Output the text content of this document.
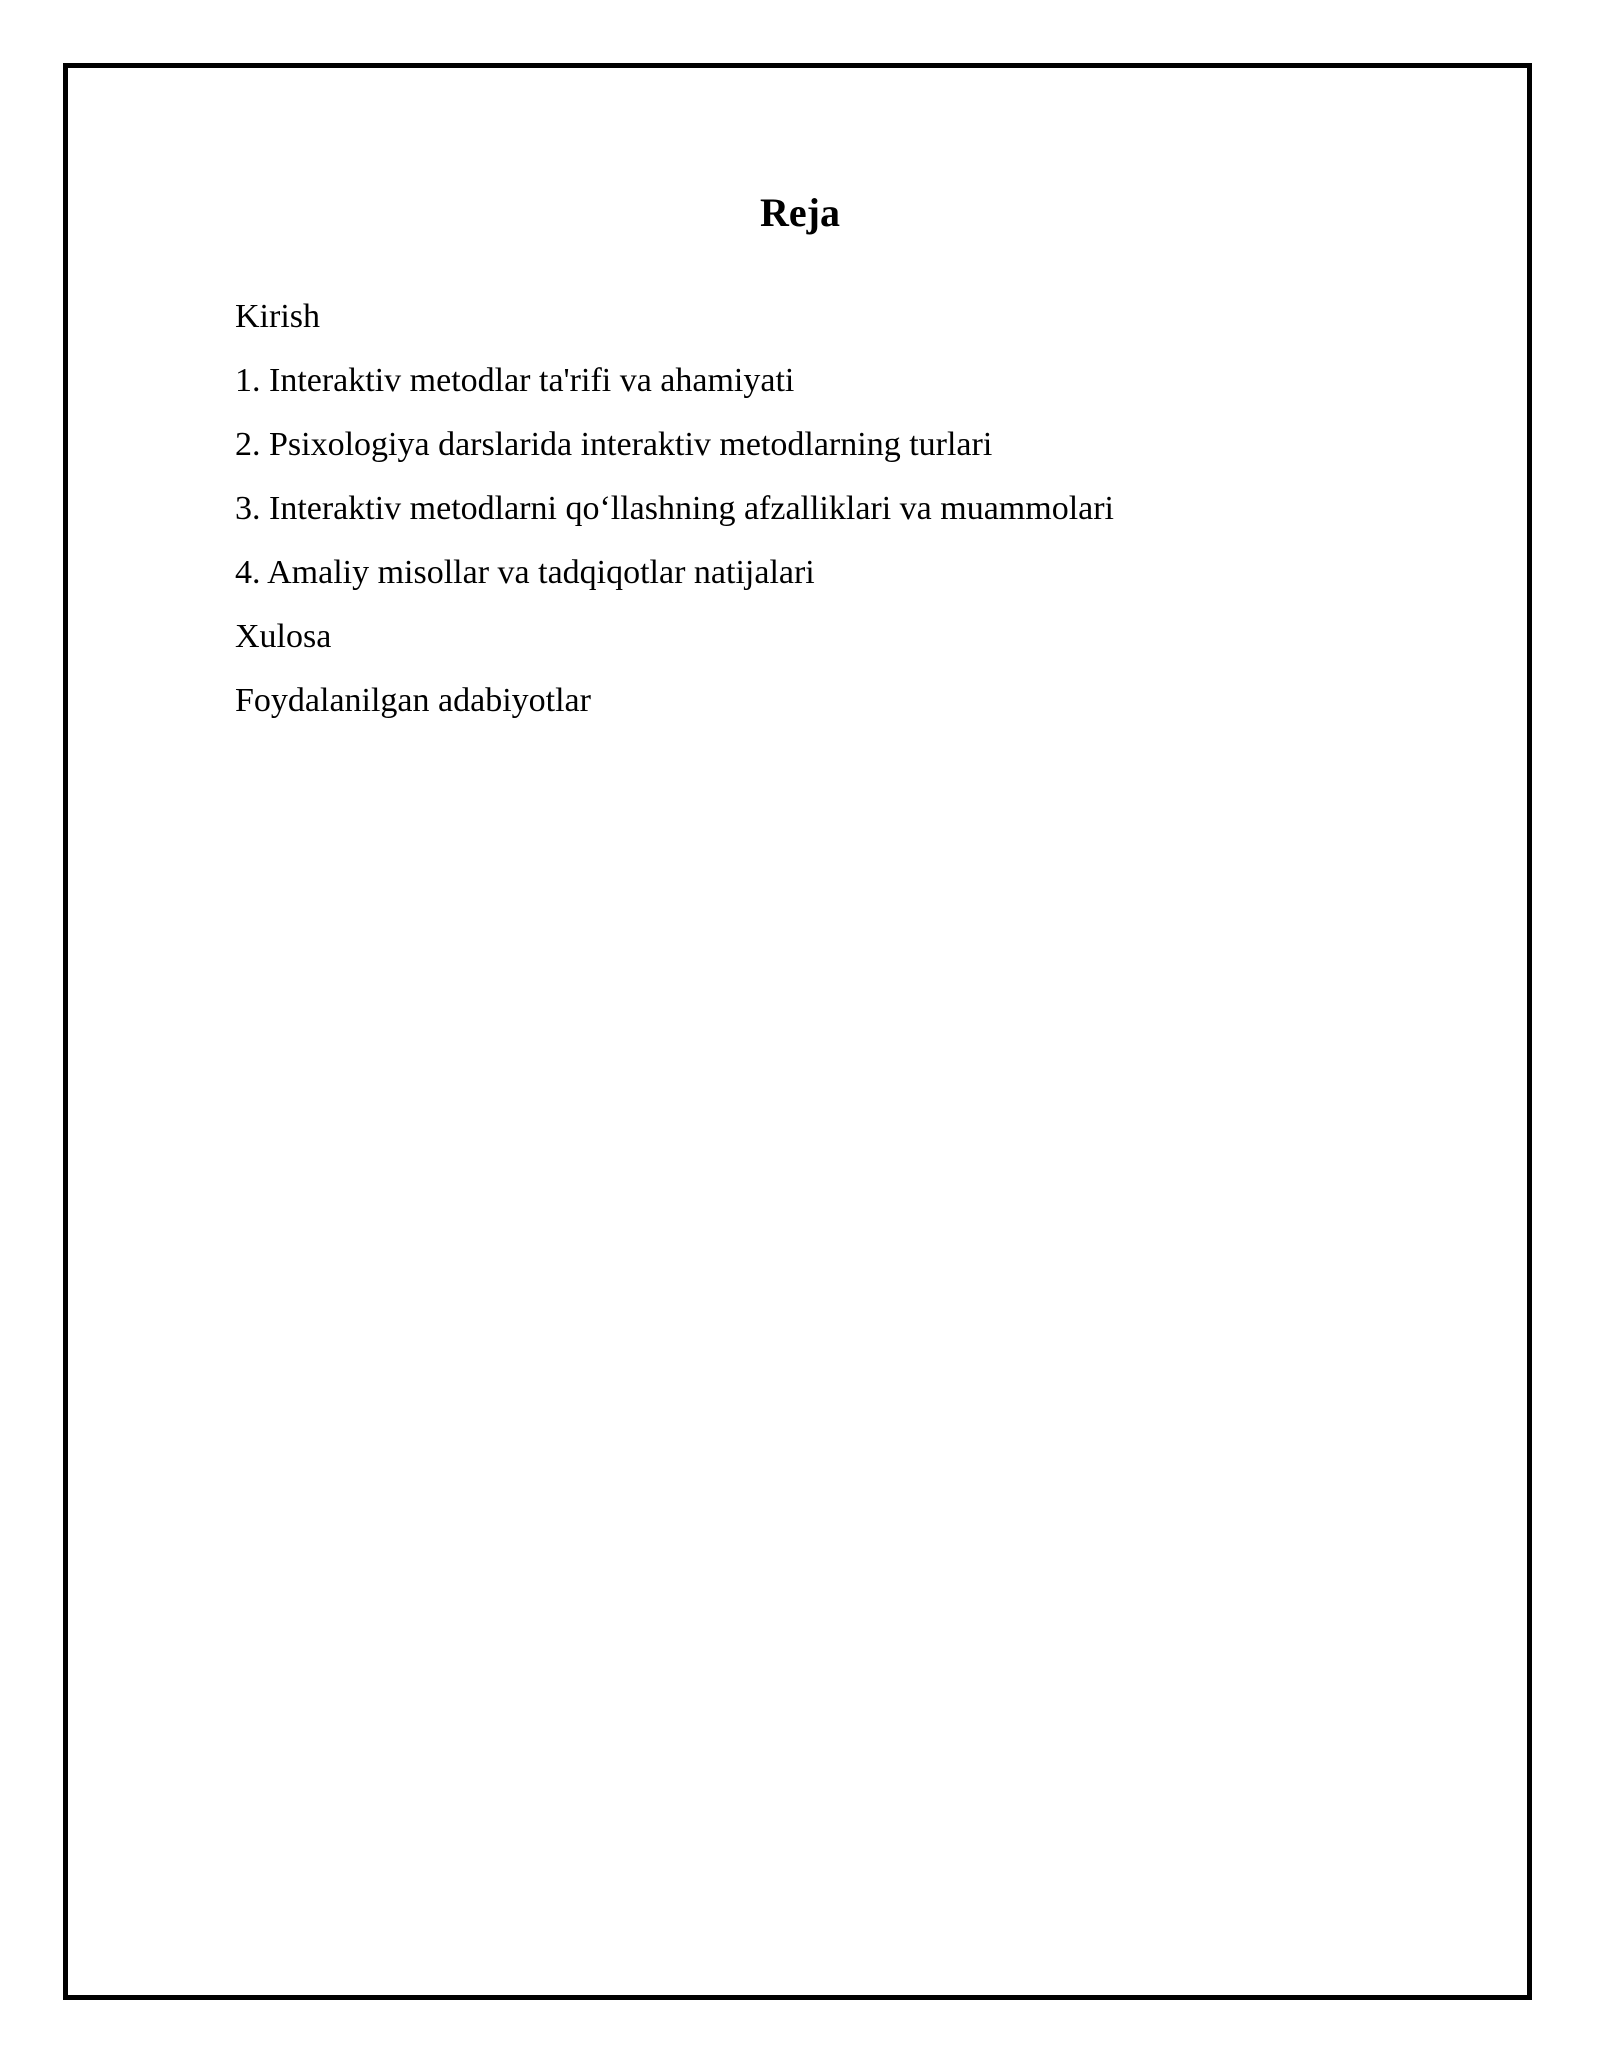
Reja
Kirish
1. Interaktiv metodlar ta'rifi va ahamiyati
2. Psixologiya darslarida interaktiv metodlarning turlari
3. Interaktiv metodlarni qo‘llashning afzalliklari va muammolari
4. Amaliy misollar va tadqiqotlar natijalari
Xulosa
Foydalanilgan adabiyotlar
